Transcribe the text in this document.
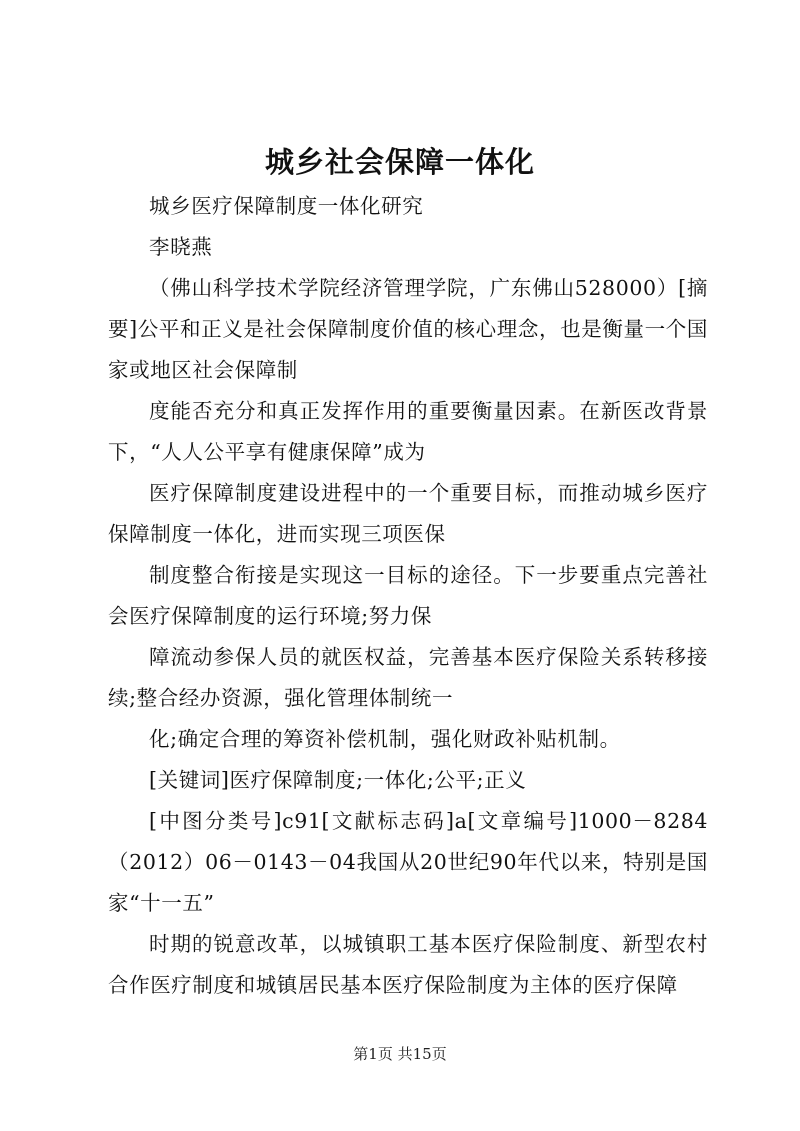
城乡社会保障一体化

城乡医疗保障制度一体化研究

李晓燕

（佛山科学技术学院经济管理学院，广东佛山528000）[摘要]公平和正义是社会保障制度价值的核心理念，也是衡量一个国家或地区社会保障制

度能否充分和真正发挥作用的重要衡量因素。在新医改背景下，“人人公平享有健康保障”成为

医疗保障制度建设进程中的一个重要目标，而推动城乡医疗保障制度一体化，进而实现三项医保

制度整合衔接是实现这一目标的途径。下一步要重点完善社会医疗保障制度的运行环境;努力保

障流动参保人员的就医权益，完善基本医疗保险关系转移接续;整合经办资源，强化管理体制统一

化;确定合理的筹资补偿机制，强化财政补贴机制。

[关键词]医疗保障制度;一体化;公平;正义

[中图分类号]c91[文献标志码]a[文章编号]1000－8284（2012）06－0143－04我国从20世纪90年代以来，特别是国家“十一五”

时期的锐意改革，以城镇职工基本医疗保险制度、新型农村合作医疗制度和城镇居民基本医疗保险制度为主体的医疗保障

第1页 共15页
